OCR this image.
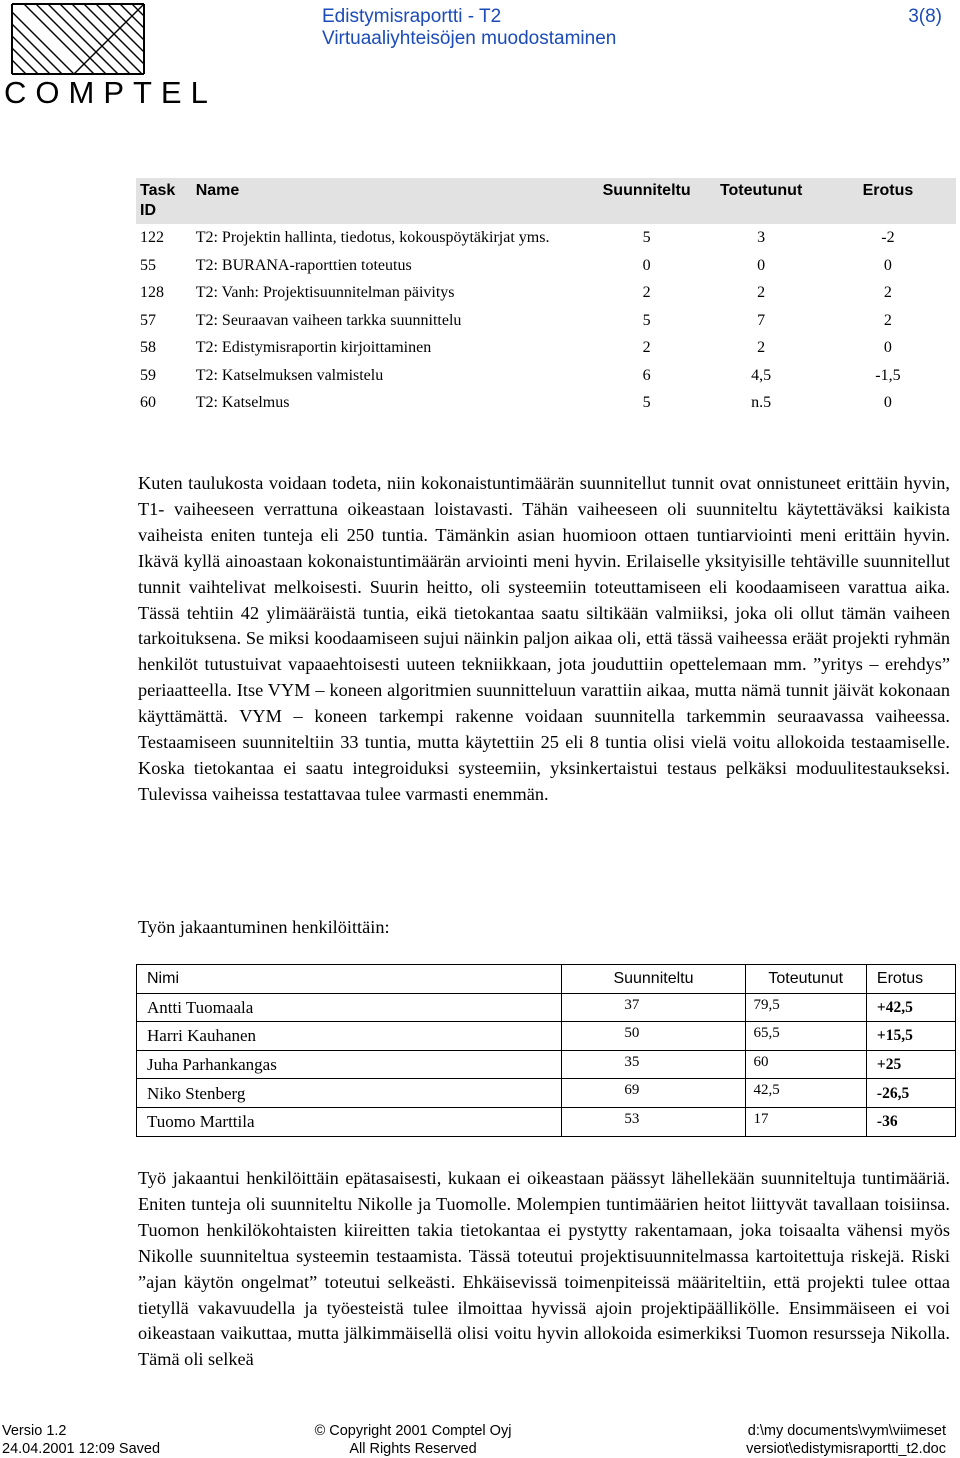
COMPTEL
Edistymisraportti - T2
Virtuaaliyhteisöjen muodostaminen
3(8)
Task ID	Name	Suunniteltu	Toteutunut	Erotus
122	T2: Projektin hallinta, tiedotus, kokouspöytäkirjat yms.	5	3	-2
55	T2: BURANA-raporttien toteutus	0	0	0
128	T2: Vanh: Projektisuunnitelman päivitys	2	2	2
57	T2: Seuraavan vaiheen tarkka suunnittelu	5	7	2
58	T2: Edistymisraportin kirjoittaminen	2	2	0
59	T2: Katselmuksen valmistelu	6	4,5	-1,5
60	T2: Katselmus	5	n.5	0

Kuten taulukosta voidaan todeta, niin kokonaistuntimäärän suunnitellut tunnit ovat onnistuneet erittäin hyvin, T1- vaiheeseen verrattuna oikeastaan loistavasti. Tähän vaiheeseen oli suunniteltu käytettäväksi kaikista vaiheista eniten tunteja eli 250 tuntia. Tämänkin asian huomioon ottaen tuntiarviointi meni erittäin hyvin. Ikävä kyllä ainoastaan kokonaistuntimäärän arviointi meni hyvin. Erilaiselle yksityisille tehtäville suunnitellut tunnit vaihtelivat melkoisesti. Suurin heitto, oli systeemiin toteuttamiseen eli koodaamiseen varattua aika. Tässä tehtiin 42 ylimääräistä tuntia, eikä tietokantaa saatu siltikään valmiiksi, joka oli ollut tämän vaiheen tarkoituksena. Se miksi koodaamiseen sujui näinkin paljon aikaa oli, että tässä vaiheessa eräät projekti ryhmän henkilöt tutustuivat vapaaehtoisesti uuteen tekniikkaan, jota jouduttiin opettelemaan mm. ”yritys – erehdys” periaatteella. Itse VYM – koneen algoritmien suunnitteluun varattiin aikaa, mutta nämä tunnit jäivät kokonaan käyttämättä. VYM – koneen tarkempi rakenne voidaan suunnitella tarkemmin seuraavassa vaiheessa. Testaamiseen suunniteltiin 33 tuntia, mutta käytettiin 25 eli 8 tuntia olisi vielä voitu allokoida testaamiselle. Koska tietokantaa ei saatu integroiduksi systeemiin, yksinkertaistui testaus pelkäksi moduulitestaukseksi. Tulevissa vaiheissa testattavaa tulee varmasti enemmän.

Työn jakaantuminen henkilöittäin:
Nimi	Suunniteltu	Toteutunut	Erotus
Antti Tuomaala	37	79,5	+42,5
Harri Kauhanen	50	65,5	+15,5
Juha Parhankangas	35	60	+25
Niko Stenberg	69	42,5	-26,5
Tuomo Marttila	53	17	-36

Työ jakaantui henkilöittäin epätasaisesti, kukaan ei oikeastaan päässyt lähellekään suunniteltuja tuntimääriä. Eniten tunteja oli suunniteltu Nikolle ja Tuomolle. Molempien tuntimäärien heitot liittyvät tavallaan toisiinsa. Tuomon henkilökohtaisten kiireitten takia tietokantaa ei pystytty rakentamaan, joka toisaalta vähensi myös Nikolle suunniteltua systeemin testaamista. Tässä toteutui projektisuunnitelmassa kartoitettuja riskejä. Riski ”ajan käytön ongelmat” toteutui selkeästi. Ehkäisevissä toimenpiteissä määriteltiin, että projekti tulee ottaa tietyllä vakavuudella ja työesteistä tulee ilmoittaa hyvissä ajoin projektipäällikölle. Ensimmäiseen ei voi oikeastaan vaikuttaa, mutta jälkimmäisellä olisi voitu hyvin allokoida esimerkiksi Tuomon resursseja Nikolla. Tämä oli selkeä

Versio 1.2
24.04.2001 12:09 Saved
© Copyright 2001 Comptel Oyj
All Rights Reserved
d:\my documents\vym\viimeset
versiot\edistymisraportti_t2.doc
